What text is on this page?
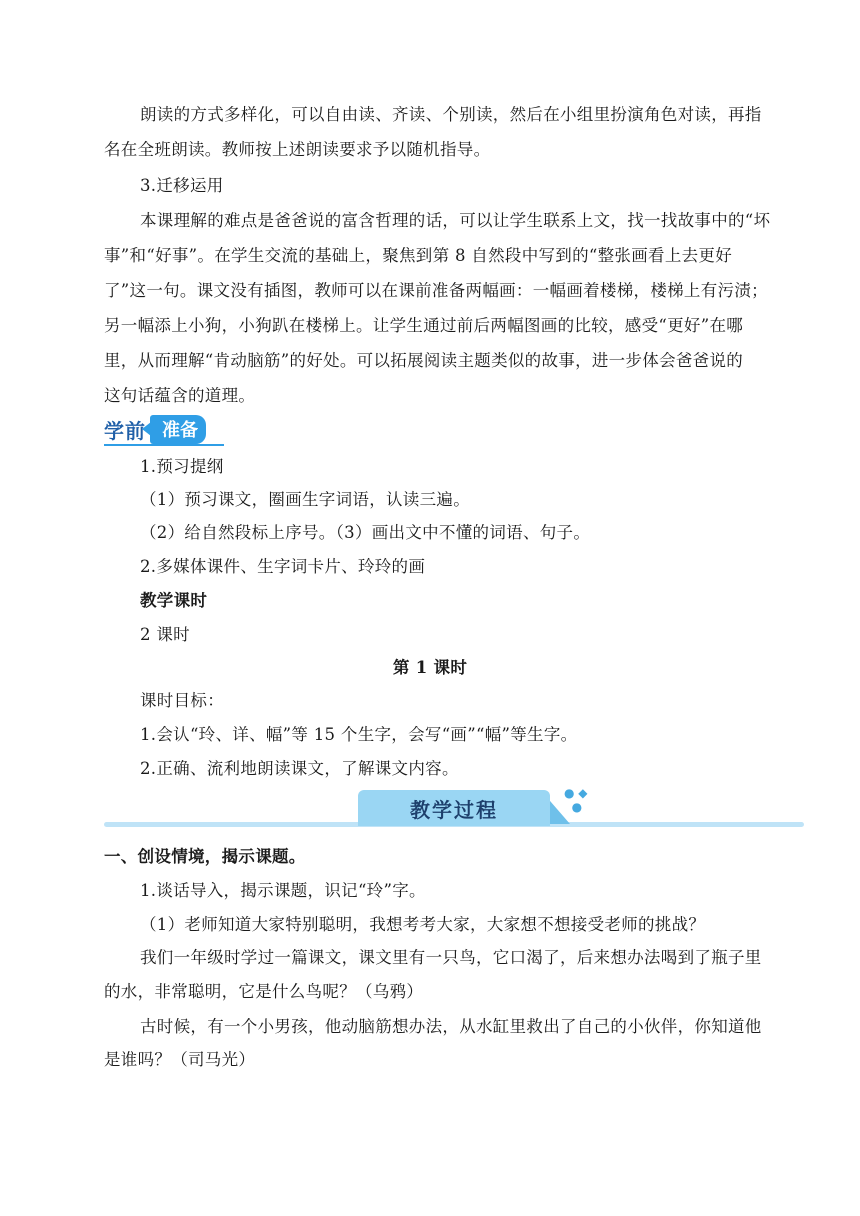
朗读的方式多样化，可以自由读、齐读、个别读，然后在小组里扮演角色对读，再指
名在全班朗读。教师按上述朗读要求予以随机指导。
3.迁移运用
本课理解的难点是爸爸说的富含哲理的话，可以让学生联系上文，找一找故事中的“坏
事”和“好事”。在学生交流的基础上，聚焦到第 8 自然段中写到的“整张画看上去更好
了”这一句。课文没有插图，教师可以在课前准备两幅画：一幅画着楼梯，楼梯上有污渍；
另一幅添上小狗，小狗趴在楼梯上。让学生通过前后两幅图画的比较，感受“更好”在哪
里，从而理解“肯动脑筋”的好处。可以拓展阅读主题类似的故事，进一步体会爸爸说的
这句话蕴含的道理。
学前 准备
1.预习提纲
（1）预习课文，圈画生字词语，认读三遍。
（2）给自然段标上序号。（3）画出文中不懂的词语、句子。
2.多媒体课件、生字词卡片、玲玲的画
教学课时
2 课时
第 1 课时
课时目标：
1.会认“玲、详、幅”等 15 个生字，会写“画”“幅”等生字。
2.正确、流利地朗读课文，了解课文内容。
教学过程
● ◆
●
一、创设情境，揭示课题。
1.谈话导入，揭示课题，识记“玲”字。
（1）老师知道大家特别聪明，我想考考大家，大家想不想接受老师的挑战？
我们一年级时学过一篇课文，课文里有一只鸟，它口渴了，后来想办法喝到了瓶子里
的水，非常聪明，它是什么鸟呢？（乌鸦）
古时候，有一个小男孩，他动脑筋想办法，从水缸里救出了自己的小伙伴，你知道他
是谁吗？（司马光）
